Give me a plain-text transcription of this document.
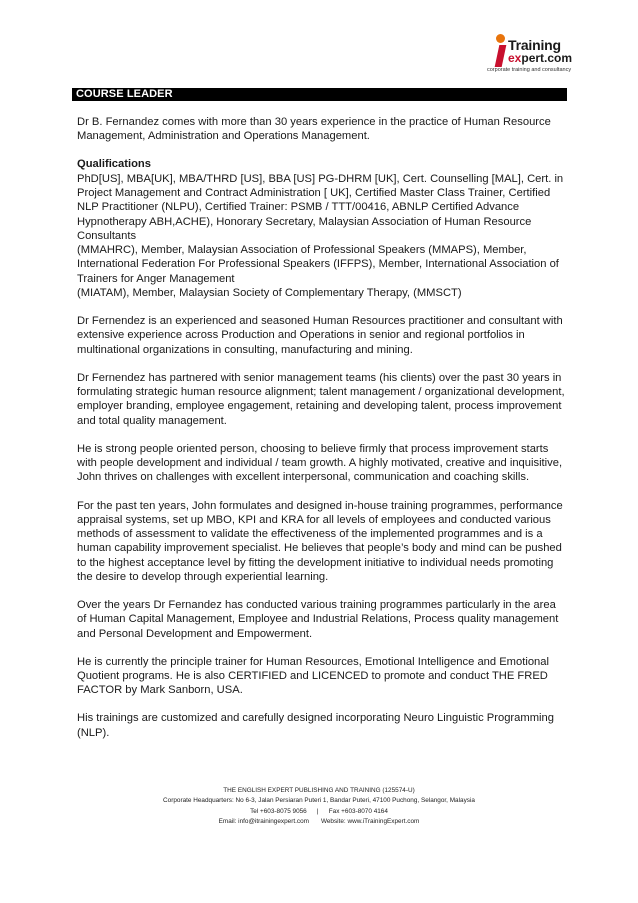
Training
expert.com
corporate training and consultancy
COURSE LEADER

Dr B. Fernandez comes with more than 30 years experience in the practice of Human Resource Management, Administration and Operations Management.

Qualifications
PhD[US], MBA[UK], MBA/THRD [US], BBA [US] PG-DHRM [UK], Cert. Counselling [MAL], Cert. in Project Management and Contract Administration [ UK], Certified Master Class Trainer, Certified NLP Practitioner (NLPU), Certified Trainer: PSMB / TTT/00416, ABNLP Certified Advance Hypnotherapy ABH,ACHE), Honorary Secretary, Malaysian Association of Human Resource Consultants
(MMAHRC), Member, Malaysian Association of Professional Speakers (MMAPS), Member, International Federation For Professional Speakers (IFFPS), Member, International Association of Trainers for Anger Management
(MIATAM), Member, Malaysian Society of Complementary Therapy, (MMSCT)

Dr Fernendez is an experienced and seasoned Human Resources practitioner and consultant with extensive experience across Production and Operations in senior and regional portfolios in multinational organizations in consulting, manufacturing and mining.

Dr Fernendez has partnered with senior management teams (his clients) over the past 30 years in formulating strategic human resource alignment; talent management / organizational development, employer branding, employee engagement, retaining and developing talent, process improvement and total quality management.

He is strong people oriented person, choosing to believe firmly that process improvement starts with people development and individual / team growth. A highly motivated, creative and inquisitive, John thrives on challenges with excellent interpersonal, communication and coaching skills.

For the past ten years, John formulates and designed in-house training programmes, performance appraisal systems, set up MBO, KPI and KRA for all levels of employees and conducted various methods of assessment to validate the effectiveness of the implemented programmes and is a human capability improvement specialist. He believes that people’s body and mind can be pushed to the highest acceptance level by fitting the development initiative to individual needs promoting the desire to develop through experiential learning.

Over the years Dr Fernandez has conducted various training programmes particularly in the area of Human Capital Management, Employee and Industrial Relations, Process quality management and Personal Development and Empowerment.

He is currently the principle trainer for Human Resources, Emotional Intelligence and Emotional Quotient programs. He is also CERTIFIED and LICENCED to promote and conduct THE FRED FACTOR by Mark Sanborn, USA.

His trainings are customized and carefully designed incorporating Neuro Linguistic Programming (NLP).

THE ENGLISH EXPERT PUBLISHING AND TRAINING (125574-U)
Corporate Headquarters: No 6-3, Jalan Persiaran Puteri 1, Bandar Puteri, 47100 Puchong, Selangor, Malaysia
Tel +603-8075 9056 | Fax +603-8070 4164
Email: info@itrainingexpert.com Website: www.iTrainingExpert.com
